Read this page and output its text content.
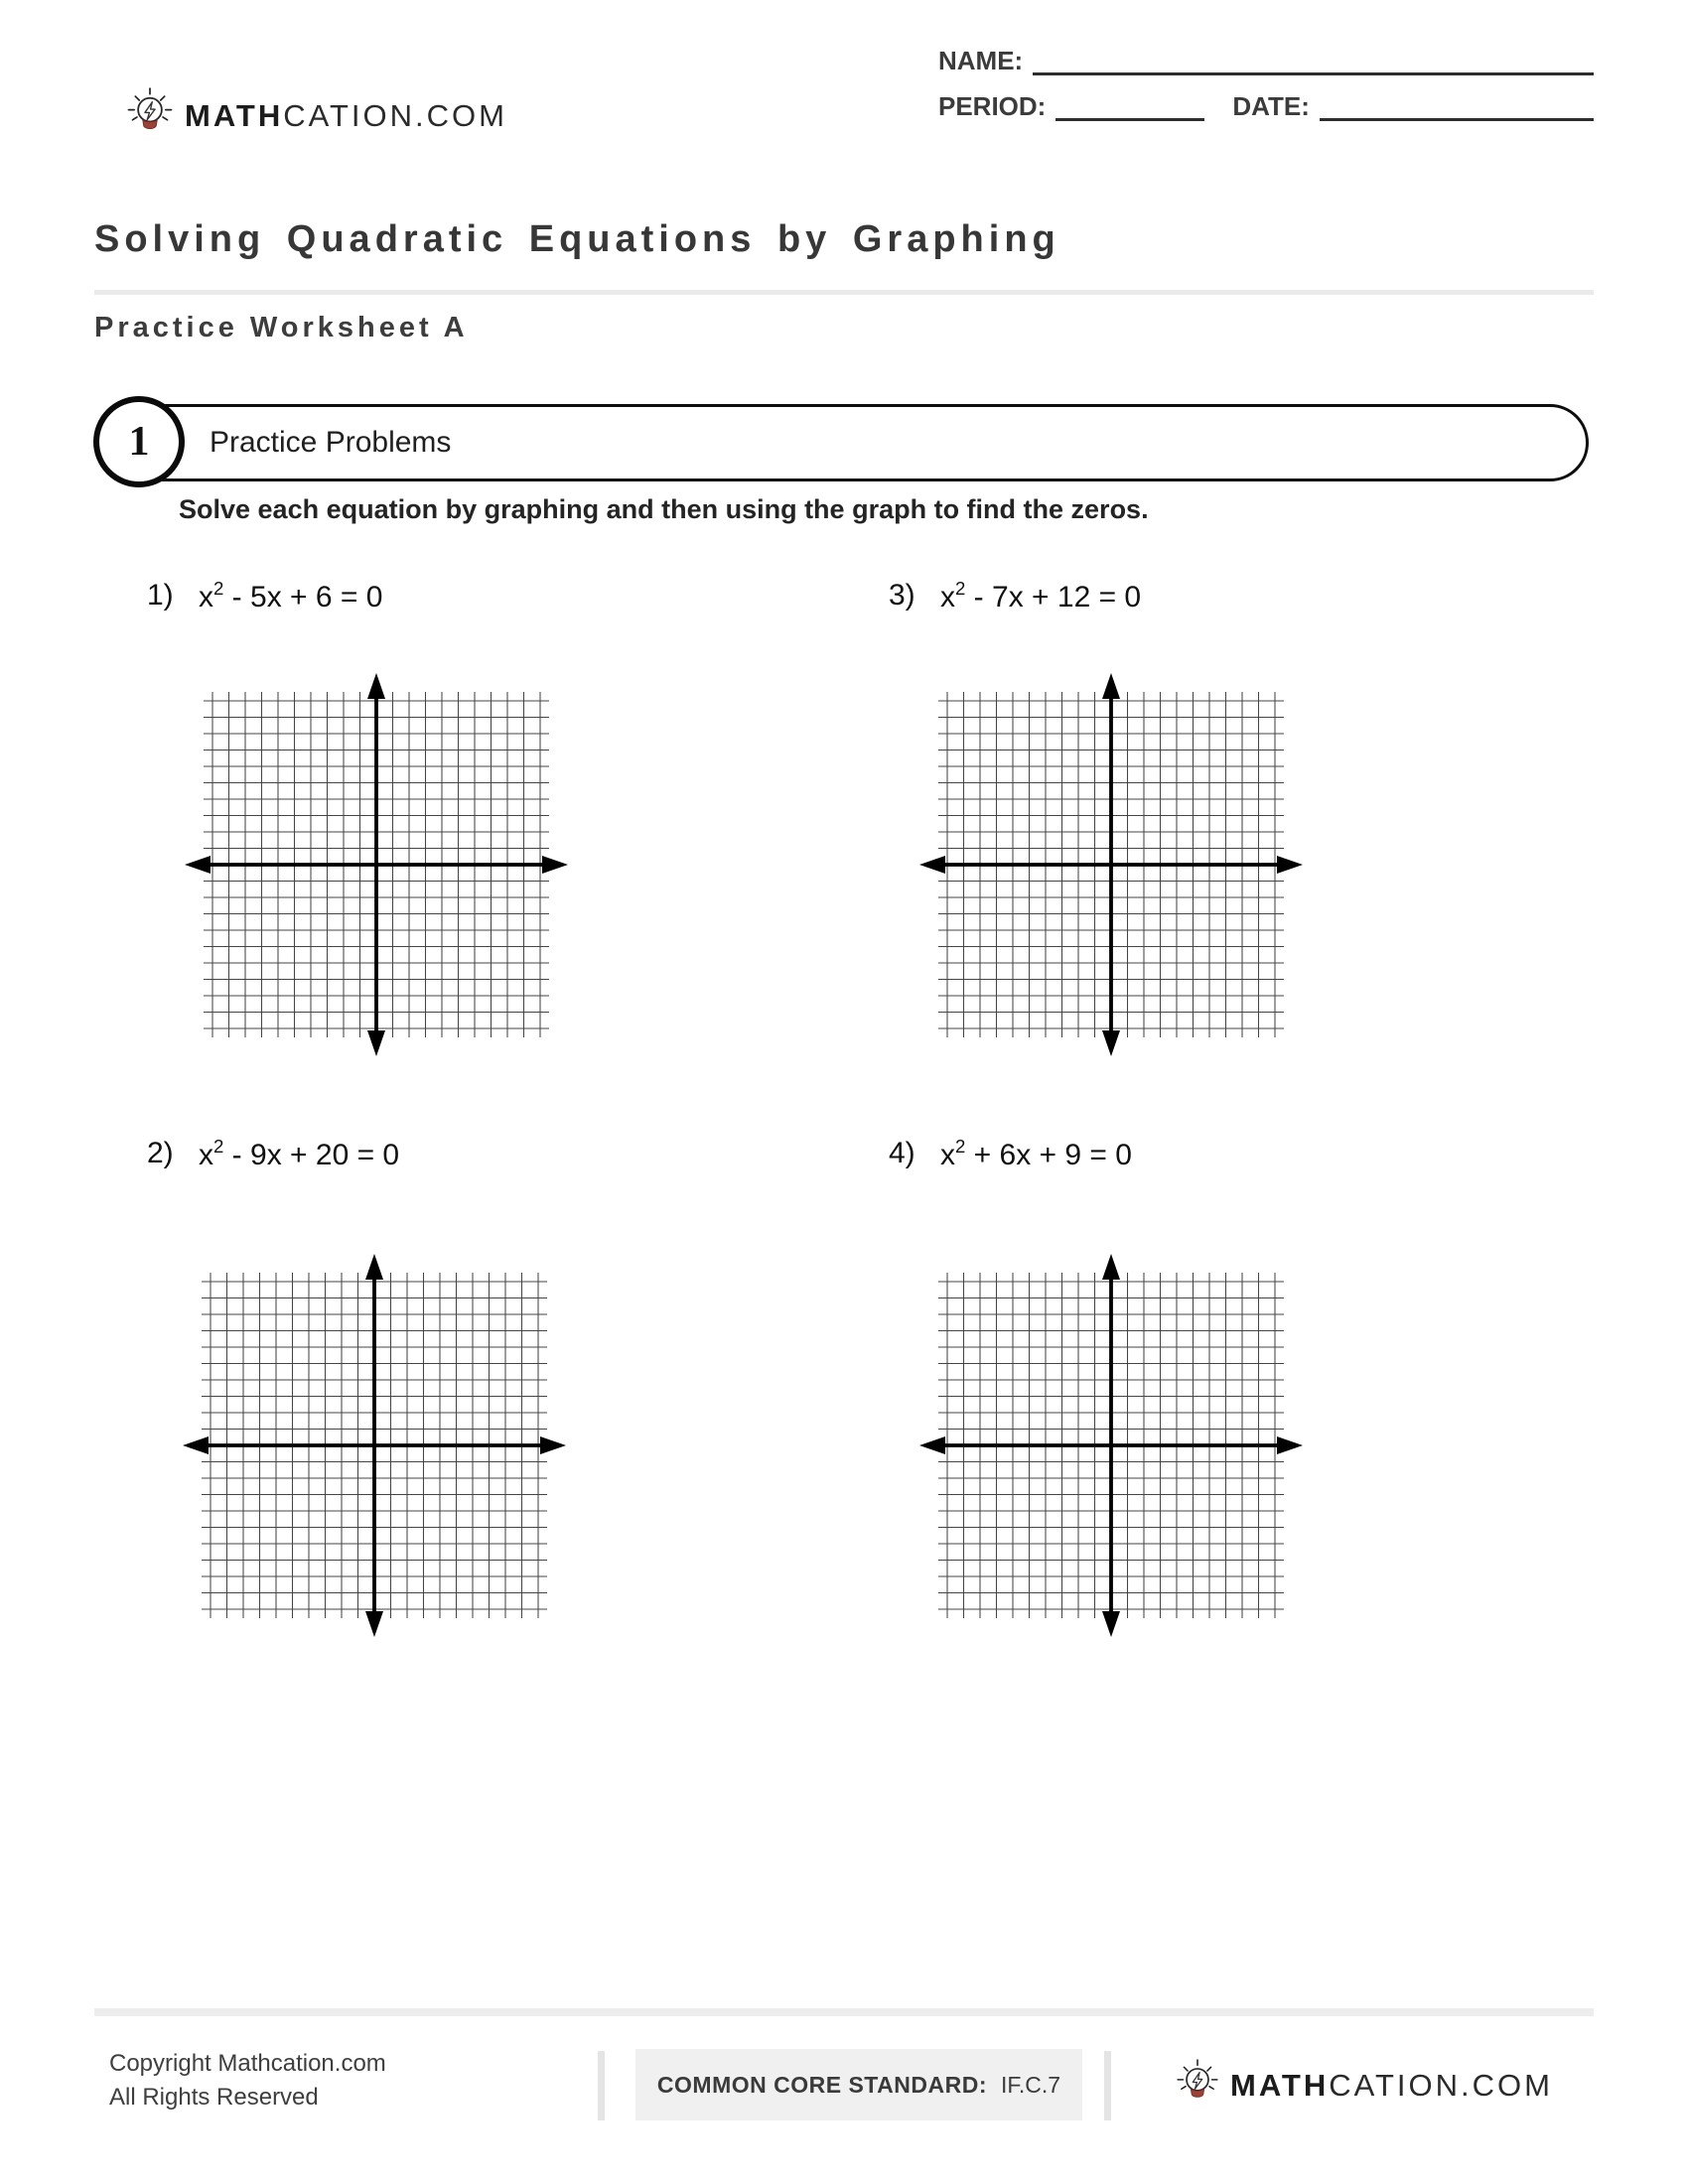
MATHCATION.COM
NAME:
PERIOD:	DATE:
Solving Quadratic Equations by Graphing
Practice Worksheet A
Practice Problems
1
Solve each equation by graphing and then using the graph to find the zeros.
1) $x^2 - 5x + 6 = 0$	3) $x^2 - 7x + 12 = 0$
2) $x^2 - 9x + 20 = 0$	4) $x^2 + 6x + 9 = 0$
Copyright Mathcation.com
All Rights Reserved	COMMON CORE STANDARD: IF.C.7	MATHCATION.COM
